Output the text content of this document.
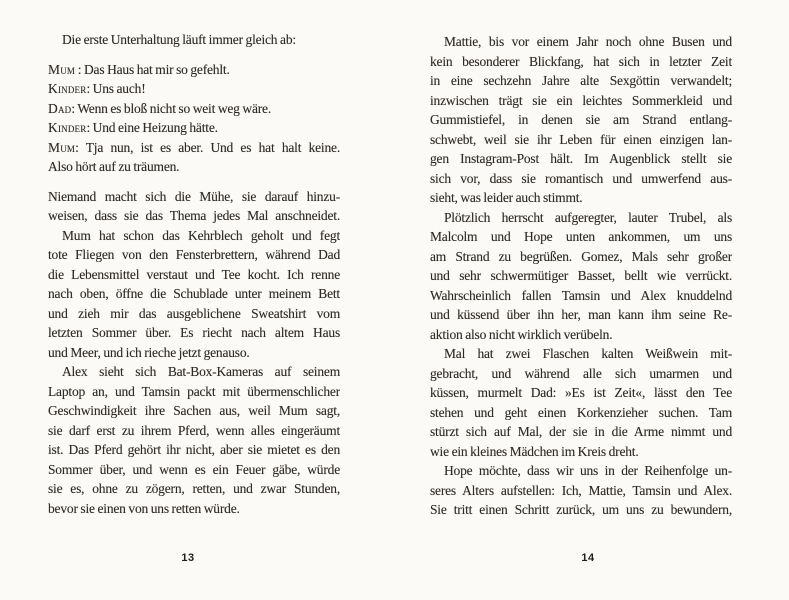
Die erste Unterhaltung läuft immer gleich ab:
Mum : Das Haus hat mir so gefehlt.
Kinder: Uns auch!
Dad: Wenn es bloß nicht so weit weg wäre.
Kinder: Und eine Heizung hätte.
Mum: Tja nun, ist es aber. Und es hat halt keine.
Also hört auf zu träumen.
Niemand macht sich die Mühe, sie darauf hinzu-
weisen, dass sie das Thema jedes Mal anschneidet.
Mum hat schon das Kehrblech geholt und fegt
tote Fliegen von den Fensterbrettern, während Dad
die Lebensmittel verstaut und Tee kocht. Ich renne
nach oben, öffne die Schublade unter meinem Bett
und zieh mir das ausgeblichene Sweatshirt vom
letzten Sommer über. Es riecht nach altem Haus
und Meer, und ich rieche jetzt genauso.
Alex sieht sich Bat-Box-Kameras auf seinem
Laptop an, und Tamsin packt mit übermenschlicher
Geschwindigkeit ihre Sachen aus, weil Mum sagt,
sie darf erst zu ihrem Pferd, wenn alles eingeräumt
ist. Das Pferd gehört ihr nicht, aber sie mietet es den
Sommer über, und wenn es ein Feuer gäbe, würde
sie es, ohne zu zögern, retten, und zwar Stunden,
bevor sie einen von uns retten würde.
Mattie, bis vor einem Jahr noch ohne Busen und
kein besonderer Blickfang, hat sich in letzter Zeit
in eine sechzehn Jahre alte Sexgöttin verwandelt;
inzwischen trägt sie ein leichtes Sommerkleid und
Gummistiefel, in denen sie am Strand entlang-
schwebt, weil sie ihr Leben für einen einzigen lan-
gen Instagram-Post hält. Im Augenblick stellt sie
sich vor, dass sie romantisch und umwerfend aus-
sieht, was leider auch stimmt.
Plötzlich herrscht aufgeregter, lauter Trubel, als
Malcolm und Hope unten ankommen, um uns
am Strand zu begrüßen. Gomez, Mals sehr großer
und sehr schwermütiger Basset, bellt wie verrückt.
Wahrscheinlich fallen Tamsin und Alex knuddelnd
und küssend über ihn her, man kann ihm seine Re-
aktion also nicht wirklich verübeln.
Mal hat zwei Flaschen kalten Weißwein mit-
gebracht, und während alle sich umarmen und
küssen, murmelt Dad: »Es ist Zeit«, lässt den Tee
stehen und geht einen Korkenzieher suchen. Tam
stürzt sich auf Mal, der sie in die Arme nimmt und
wie ein kleines Mädchen im Kreis dreht.
Hope möchte, dass wir uns in der Reihenfolge un-
seres Alters aufstellen: Ich, Mattie, Tamsin und Alex.
Sie tritt einen Schritt zurück, um uns zu bewundern,
13	14
